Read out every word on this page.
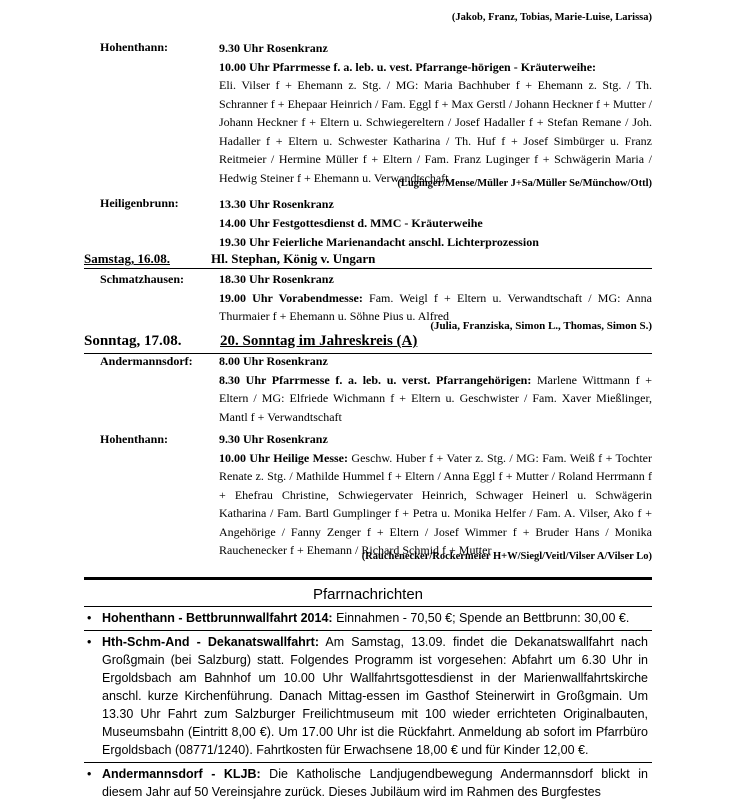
(Jakob, Franz, Tobias, Marie-Luise, Larissa)
Hohenthann:	9.30 Uhr Rosenkranz
10.00 Uhr Pfarrmesse f. a. leb. u. vest. Pfarrange-hörigen - Kräuterweihe:
Eli. Vilser f + Ehemann z. Stg. / MG: Maria Bachhuber f + Ehemann z. Stg. / Th. Schranner f + Ehepaar Heinrich / Fam. Eggl f + Max Gerstl / Johann Heckner f + Mutter / Johann Heckner f + Eltern u. Schwiegereltern / Josef Hadaller f + Stefan Remane / Joh. Hadaller f + Eltern u. Schwester Katharina / Th. Huf f + Josef Simbürger u. Franz Reitmeier / Hermine Müller f + Eltern / Fam. Franz Luginger f + Schwägerin Maria / Hedwig Steiner f + Ehemann u. Verwandtschaft
(Luginger/Mense/Müller J+Sa/Müller Se/Münchow/Ottl)
Heiligenbrunn:	13.30 Uhr Rosenkranz
14.00 Uhr Festgottesdienst d. MMC - Kräuterweihe
19.30 Uhr Feierliche Marienandacht anschl. Lichterprozession
Samstag, 16.08.	Hl. Stephan, König v. Ungarn
Schmatzhausen:	18.30 Uhr Rosenkranz
19.00 Uhr Vorabendmesse: Fam. Weigl f + Eltern u. Verwandtschaft / MG: Anna Thurmaier f + Ehemann u. Söhne Pius u. Alfred
(Julia, Franziska, Simon L., Thomas, Simon S.)
Sonntag, 17.08.	20. Sonntag im Jahreskreis (A)
Andermannsdorf: 8.00 Uhr Rosenkranz
8.30 Uhr Pfarrmesse f. a. leb. u. verst. Pfarrangehörigen: Marlene Wittmann f + Eltern / MG: Elfriede Wichmann f + Eltern u. Geschwister / Fam. Xaver Mießlinger, Mantl f + Verwandtschaft
Hohenthann:	9.30 Uhr Rosenkranz
10.00 Uhr Heilige Messe: Geschw. Huber f + Vater z. Stg. / MG: Fam. Weiß f + Tochter Renate z. Stg. / Mathilde Hummel f + Eltern / Anna Eggl f + Mutter / Roland Herrmann f + Ehefrau Christine, Schwiegervater Heinrich, Schwager Heinerl u. Schwägerin Katharina / Fam. Bartl Gumplinger f + Petra u. Monika Helfer / Fam. A. Vilser, Ako f + Angehörige / Fanny Zenger f + Eltern / Josef Wimmer f + Bruder Hans / Monika Rauchenecker f + Ehemann / Richard Schmid f + Mutter
(Rauchenecker/Rockermeier H+W/Siegl/Veitl/Vilser A/Vilser Lo)
Pfarrnachrichten
• Hohenthann - Bettbrunnwallfahrt 2014: Einnahmen - 70,50 €; Spende an Bettbrunn: 30,00 €.
• Hth-Schm-And - Dekanatswallfahrt: Am Samstag, 13.09. findet die Dekanatswallfahrt nach Großgmain (bei Salzburg) statt. Folgendes Programm ist vorgesehen: Abfahrt um 6.30 Uhr in Ergoldsbach am Bahnhof um 10.00 Uhr Wallfahrtsgottesdienst in der Marienwallfahrtskirche anschl. kurze Kirchenführung. Danach Mittag-essen im Gasthof Steinerwirt in Großgmain. Um 13.30 Uhr Fahrt zum Salzburger Freilichtmuseum mit 100 wieder errichteten Originalbauten, Museumsbahn (Eintritt 8,00 €). Um 17.00 Uhr ist die Rückfahrt. Anmeldung ab sofort im Pfarrbüro Ergoldsbach (08771/1240). Fahrtkosten für Erwachsene 18,00 € und für Kinder 12,00 €.
• Andermannsdorf - KLJB: Die Katholische Landjugendbewegung Andermannsdorf blickt in diesem Jahr auf 50 Vereinsjahre zurück. Dieses Jubiläum wird im Rahmen des Burgfestes
